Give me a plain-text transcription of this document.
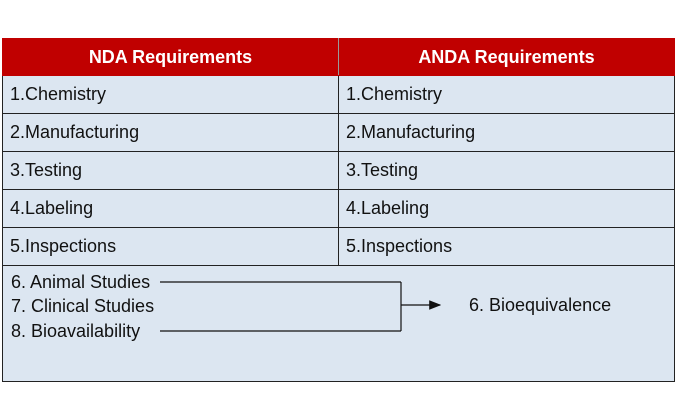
NDA Requirements	ANDA Requirements
1.Chemistry	1.Chemistry
2.Manufacturing	2.Manufacturing
3.Testing	3.Testing
4.Labeling	4.Labeling
5.Inspections	5.Inspections

6. Animal Studies
7. Clinical Studies
8. Bioavailability
6. Bioequivalence	
